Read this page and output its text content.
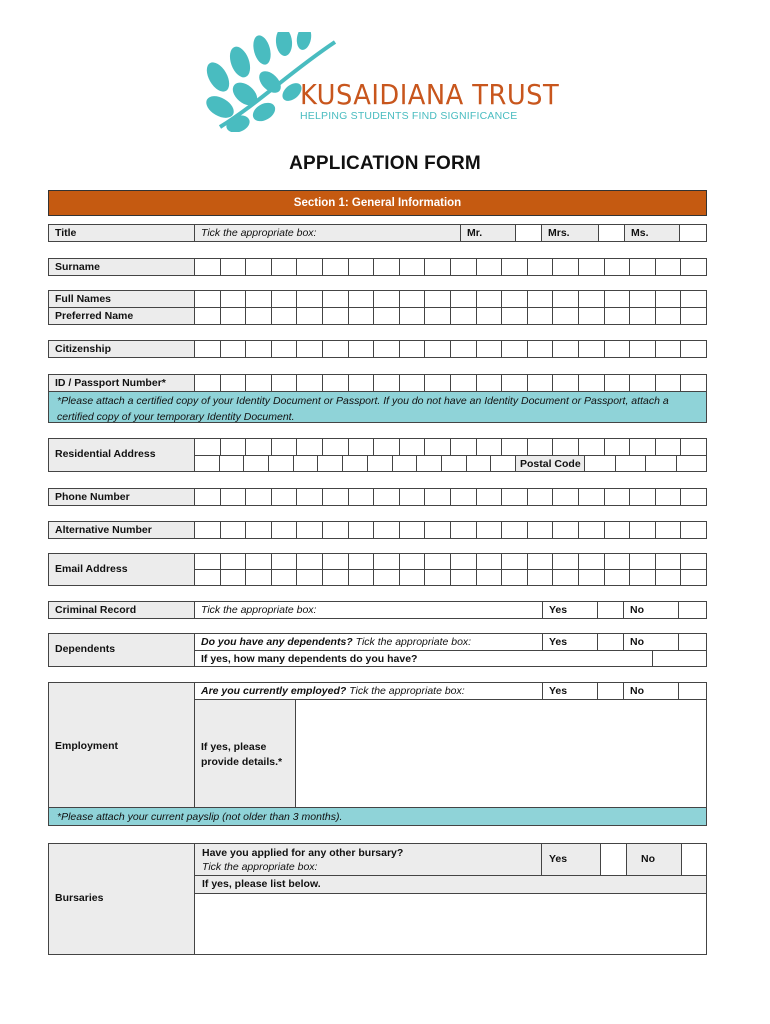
KUSAIDIANA TRUST
HELPING STUDENTS FIND SIGNIFICANCE
APPLICATION FORM
Section 1: General Information
Title	Tick the appropriate box:	Mr.	Mrs.	Ms.
Surname
Full Names
Preferred Name
Citizenship
ID / Passport Number*
*Please attach a certified copy of your Identity Document or Passport. If you do not have an Identity Document or Passport, attach a certified copy of your temporary Identity Document.
Residential Address
Postal Code
Phone Number
Alternative Number
Email Address
Criminal Record	Tick the appropriate box:	Yes	No
Dependents
Do you have any dependents? Tick the appropriate box:	Yes	No
If yes, how many dependents do you have?
Employment
Are you currently employed? Tick the appropriate box:	Yes	No
If yes, please provide details.*
*Please attach your current payslip (not older than 3 months).
Bursaries
Have you applied for any other bursary?
Tick the appropriate box:
Yes	No
If yes, please list below.
